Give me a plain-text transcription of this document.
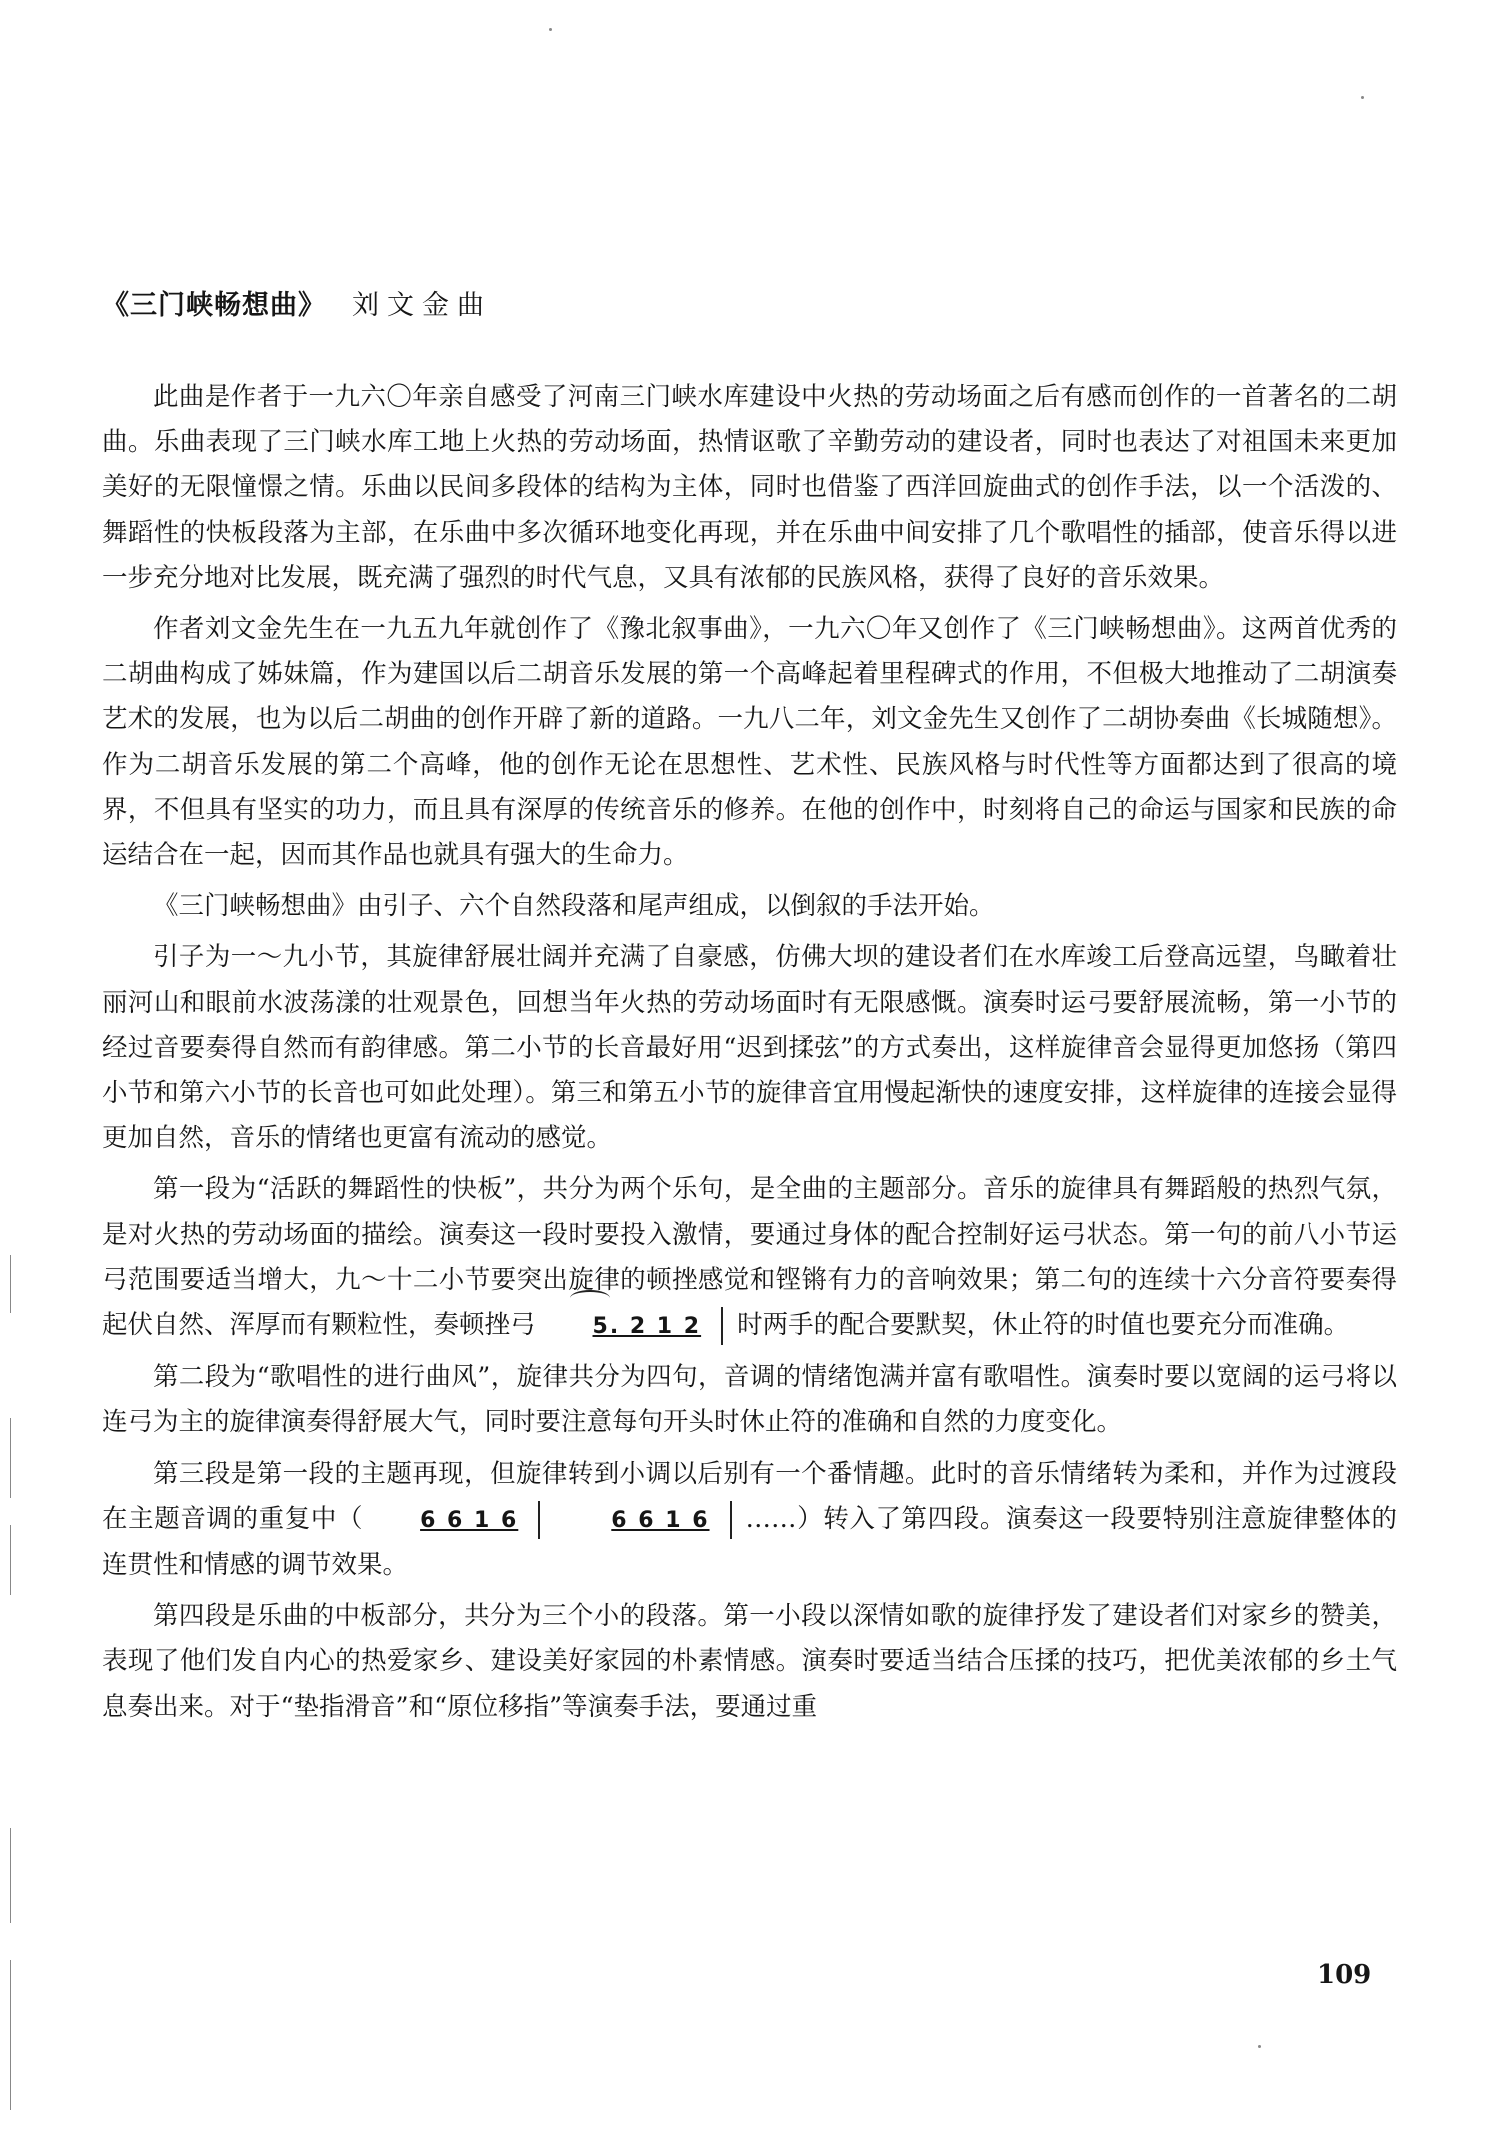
《三门峡畅想曲》 刘文金曲

此曲是作者于一九六〇年亲自感受了河南三门峡水库建设中火热的劳动场面之后有感而创作的一首著名的二胡曲。乐曲表现了三门峡水库工地上火热的劳动场面，热情讴歌了辛勤劳动的建设者，同时也表达了对祖国未来更加美好的无限憧憬之情。乐曲以民间多段体的结构为主体，同时也借鉴了西洋回旋曲式的创作手法，以一个活泼的、舞蹈性的快板段落为主部，在乐曲中多次循环地变化再现，并在乐曲中间安排了几个歌唱性的插部，使音乐得以进一步充分地对比发展，既充满了强烈的时代气息，又具有浓郁的民族风格，获得了良好的音乐效果。

作者刘文金先生在一九五九年就创作了《豫北叙事曲》，一九六〇年又创作了《三门峡畅想曲》。这两首优秀的二胡曲构成了姊妹篇，作为建国以后二胡音乐发展的第一个高峰起着里程碑式的作用，不但极大地推动了二胡演奏艺术的发展，也为以后二胡曲的创作开辟了新的道路。一九八二年，刘文金先生又创作了二胡协奏曲《长城随想》。作为二胡音乐发展的第二个高峰，他的创作无论在思想性、艺术性、民族风格与时代性等方面都达到了很高的境界，不但具有坚实的功力，而且具有深厚的传统音乐的修养。在他的创作中，时刻将自己的命运与国家和民族的命运结合在一起，因而其作品也就具有强大的生命力。

《三门峡畅想曲》由引子、六个自然段落和尾声组成，以倒叙的手法开始。

引子为一～九小节，其旋律舒展壮阔并充满了自豪感，仿佛大坝的建设者们在水库竣工后登高远望，鸟瞰着壮丽河山和眼前水波荡漾的壮观景色，回想当年火热的劳动场面时有无限感慨。演奏时运弓要舒展流畅，第一小节的经过音要奏得自然而有韵律感。第二小节的长音最好用“迟到揉弦”的方式奏出，这样旋律音会显得更加悠扬（第四小节和第六小节的长音也可如此处理）。第三和第五小节的旋律音宜用慢起渐快的速度安排，这样旋律的连接会显得更加自然，音乐的情绪也更富有流动的感觉。

第一段为“活跃的舞蹈性的快板”，共分为两个乐句，是全曲的主题部分。音乐的旋律具有舞蹈般的热烈气氛，是对火热的劳动场面的描绘。演奏这一段时要投入激情，要通过身体的配合控制好运弓状态。第一句的前八小节运弓范围要适当增大，九～十二小节要突出旋律的顿挫感觉和铿锵有力的音响效果；第二句的连续十六分音符要奏得起伏自然、浑厚而有颗粒性，奏顿挫弓	5. 2 1 2 时两手的配合要默契，休止符的时值也要充分而准确。

第二段为“歌唱性的进行曲风”，旋律共分为四句，音调的情绪饱满并富有歌唱性。演奏时要以宽阔的运弓将以连弓为主的旋律演奏得舒展大气，同时要注意每句开头时休止符的准确和自然的力度变化。

第三段是第一段的主题再现，但旋律转到小调以后别有一个番情趣。此时的音乐情绪转为柔和，并作为过渡段在主题音调的重复中（	6 6 1 6	6 6 1 6 ……）转入了第四段。演奏这一段要特别注意旋律整体的连贯性和情感的调节效果。

第四段是乐曲的中板部分，共分为三个小的段落。第一小段以深情如歌的旋律抒发了建设者们对家乡的赞美，表现了他们发自内心的热爱家乡、建设美好家园的朴素情感。演奏时要适当结合压揉的技巧，把优美浓郁的乡土气息奏出来。对于“垫指滑音”和“原位移指”等演奏手法，要通过重

109
